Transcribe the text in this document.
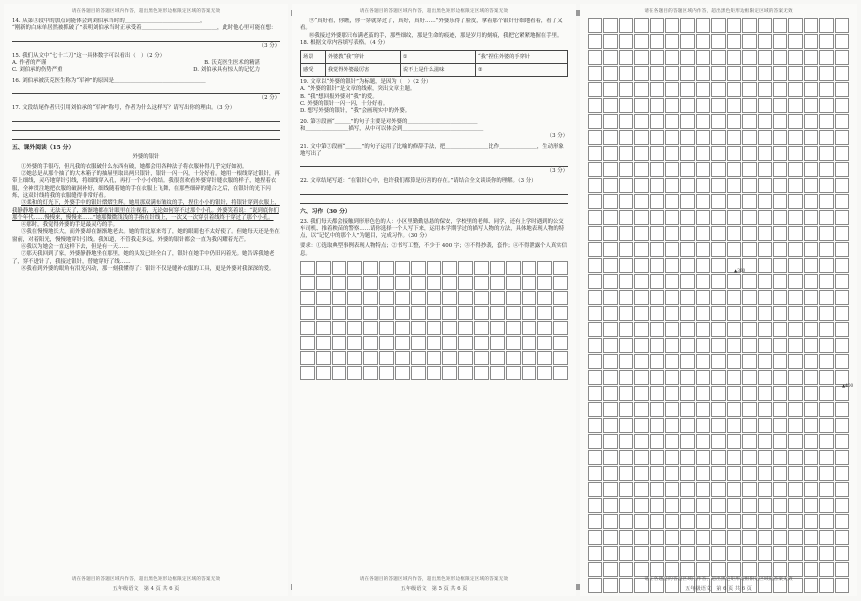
请在各题目的答题区域内作答，超出黑色矩形边框限定区域的答案无效
14. 从第③段中的加点词能体会到刘伯承当时的＿＿＿＿＿＿＿＿＿＿＿＿＿＿，
“刚新的白床单居然被抓破了”表明刘伯承当时正承受着＿＿＿＿＿＿＿＿＿＿＿＿＿＿，此时他心里可能在想：
（3 分）
15. 我们从文中“七十二刀”这一具体数字可以看出（　）（2 分）
A. 作者的严谨	B. 沃克医生医术的精湛
C. 刘伯承的伤势严重	D. 刘伯承具有惊人的记忆力
16. 刘伯承被沃克医生称为“军神”的原因是＿＿＿＿＿＿＿＿＿＿＿＿＿＿＿＿＿
（2 分）
17. 文段结尾作者只引用刘伯承的“军神”称号，作者为什么这样写？请写出你的理由。（3 分）
五、课外阅读（15 分）
外婆的银针

①外婆的手很巧，但凡我的衣服破什么东西有破，她都会用各种法子将衣服补得几乎完好如初。

②她总是从那个抽了的大木箱子的抽屉里取出两只银针，银针一闪一闪，十分好看。她用一根线穿过银针，再带上细线，灵巧地穿针引线，将细线穿入孔，再打一个小小的结。我很喜欢看外婆穿针缝衣服的样子，她捏着衣服，全神贯注地把衣服的破洞补好，细线随着她的手在衣服上飞舞，在那些细碎的缝合之后，在银针的光下闪烁，这双针线将我的衣服缝得非常好看。

③柔和的灯光下，外婆手中的银针熠熠生辉。她用那双满布皱纹的手，捏住小小的银针，将银针穿到衣服上，我静静地看着，无法无天了，渐渐地都在针眼里在注视着，无论如何穿不过那个小孔。外婆笑着说：“说到底你们那个年代……慢慢来，慢慢来……”她那微微浅浅的手指在针线上，一次又一次穿引着线终于穿过了那个小孔。

④那时，我觉得外婆的手是最灵巧的手。

⑤我在慢慢地长大，而外婆却在渐渐地老去。她的背比原来弯了，她的眼睛也不太好使了。但她每天还是坐在窗前，对着阳光，慢慢地穿针引线。我知道，不管我走多远，外婆的银针都会一直为我闪耀着光芒。

⑥我以为她会一直这样下去，但是有一天……

⑦那天我回到了家，外婆静静地坐在那里，她的头发已经全白了，银针在她手中仍旧闪着光。她告诉我她老了，穿不进针了，我接过银针，替她穿好了线……

⑧我看到外婆的眼角有泪光闪动，那一刻我懂得了：银针不仅是缝补衣服的工具，更是外婆对我深深的爱。

请在各题目的答题区域内作答，超出黑色矩形边框限定区域的答案无效
五年级语文　第 4 页 共 6 页
请在各题目的答题区域内作答，超出黑色矩形边框限定区域的答案无效

⑨“真好看，你瞧，你一穿就穿过了，真好，真好……”外婆乐得了脸皮，拿着那个银针仔细地看着，看了又看。

⑩我接过外婆那只布满老茧的手，那些细纹，那是生命的痕迹，那是岁月的刻痕，我把它紧紧地握在手里。

18. 根据文章内容填写表格。（4 分）
场景	外婆教“我”穿针	①	“我”捏住外婆的手穿针
感受	我觉得外婆最厉害	说不上是什么滋味	②
19. 文章以“外婆的银针”为标题，是因为（　）（2 分）
A. “外婆的银针”是文章的线索，突出文章主题。
B. “我”想回报外婆对“我”的爱。
C. 外婆的银针一闪一闪，十分好看。
D. 想写外婆的银针，“我”会画现实中的外婆。
20. 第③段画“＿＿＿”的句子主要是对外婆的＿＿＿＿＿＿＿＿＿＿＿＿＿
和＿＿＿＿＿＿＿＿描写，从中可以体会到＿＿＿＿＿＿＿＿＿＿＿＿＿＿＿
（3 分）
21. 文中第⑦段画“＿＿＿”的句子运用了比喻的修辞手法，把＿＿＿＿＿＿＿＿比作＿＿＿＿＿＿＿，生动形象地写出了
（3 分）
22. 文章结尾写道：“在银针心中，也许我们都算是历害的存在。”请结合全文谈谈你的理解。（3 分）
六、习作（30 分）
23. 我们每天都会接触到形形色色的人：小区里勤勤恳恳的保安，学校里的老师、同学，还有上学时遇到的公交车司机、推着秧苗的警察……请你选择一个人写下来，运用本学期学过的描写人物的方法，具体地表现人物的特点，以“记忆中的那个人”为题目，完成习作。（30 分）
要求：①选取典型事例表现人物特点；②书写工整，不少于 400 字；③不得抄袭，套作；④不得泄露个人真实信息。
请在各题目的答题区域内作答，超出黑色矩形边框限定区域的答案无效
五年级语文　第 5 页 共 6 页
请在各题目的答题区域内作答，超出黑色矩形边框限定区域的答案无效
▲300
▲400
请在各题目的答题区域内作答，超出黑色矩形边框限定区域的答案无效
五年级语文　第 6 页 共 6 页
